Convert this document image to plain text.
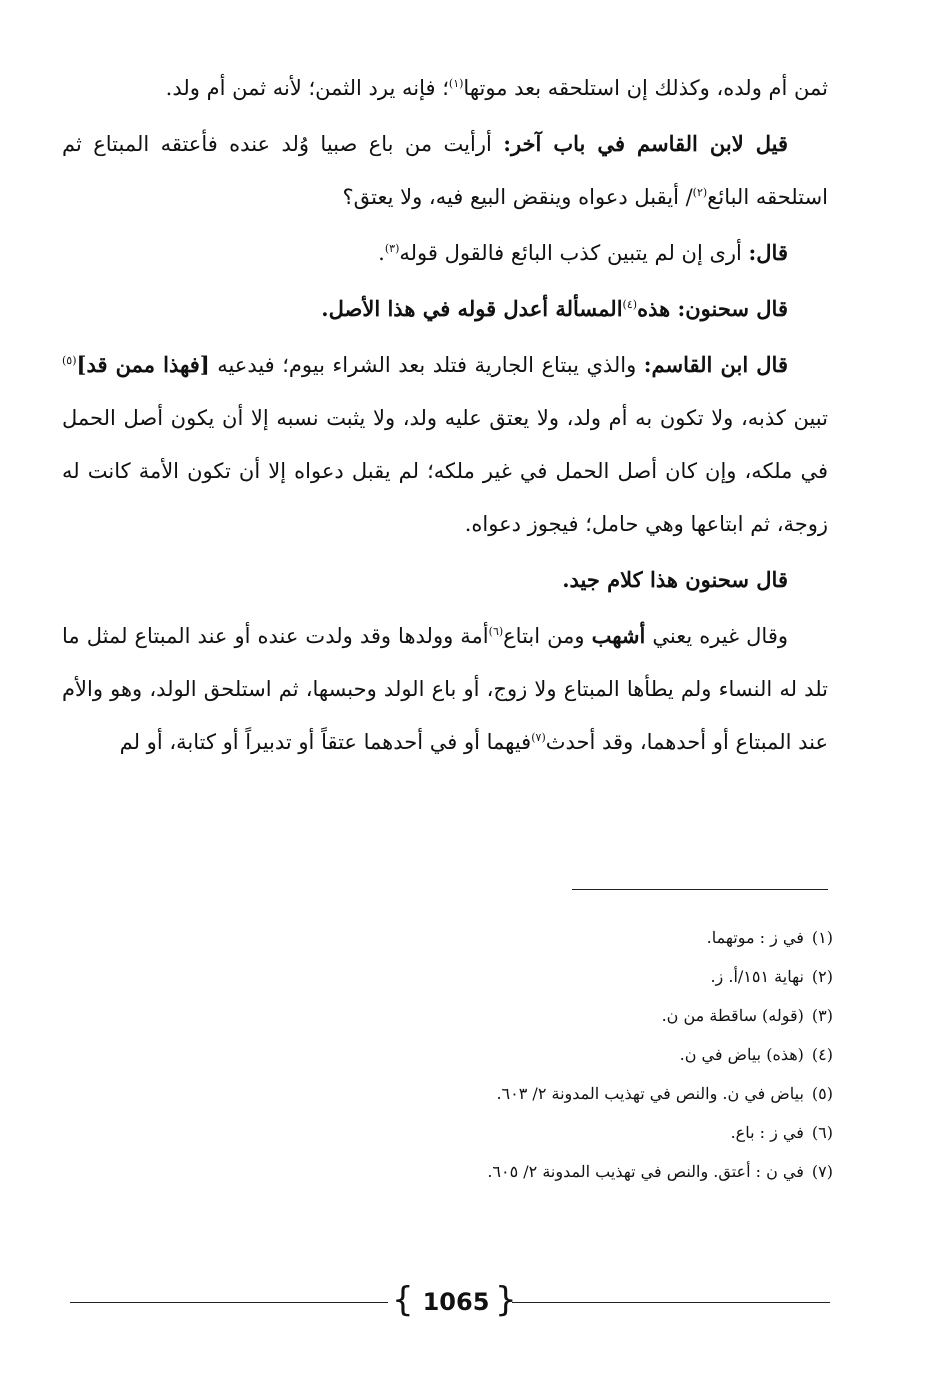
ثمن أم ولده، وكذلك إن استلحقه بعد موتها$^{(١)}$؛ فإنه يرد الثمن؛ لأنه ثمن أم ولد.

قيل لابن القاسم في باب آخر: أرأيت من باع صبيا وُلد عنده فأعتقه المبتاع ثم استلحقه البائع$^{(٢)}$/ أيقبل دعواه وينقض البيع فيه، ولا يعتق؟

قال: أرى إن لم يتبين كذب البائع فالقول قوله$^{(٣)}$.

قال سحنون: هذه$^{(٤)}$المسألة أعدل قوله في هذا الأصل.

قال ابن القاسم: والذي يبتاع الجارية فتلد بعد الشراء بيوم؛ فيدعيه [فهذا ممن قد]$^{(٥)}$ تبين كذبه، ولا تكون به أم ولد، ولا يعتق عليه ولد، ولا يثبت نسبه إلا أن يكون أصل الحمل في ملكه، وإن كان أصل الحمل في غير ملكه؛ لم يقبل دعواه إلا أن تكون الأمة كانت له زوجة، ثم ابتاعها وهي حامل؛ فيجوز دعواه.

قال سحنون هذا كلام جيد.

وقال غيره يعني أشهب ومن ابتاع$^{(٦)}$أمة وولدها وقد ولدت عنده أو عند المبتاع لمثل ما تلد له النساء ولم يطأها المبتاع ولا زوج، أو باع الولد وحبسها، ثم استلحق الولد، وهو والأم عند المبتاع أو أحدهما، وقد أحدث$^{(٧)}$فيهما أو في أحدهما عتقاً أو تدبيراً أو كتابة، أو لم

(١)في ز : موتهما.
(٢)نهاية ١٥١/أ. ز.
(٣)(قوله) ساقطة من ن.
(٤)(هذه) بياض في ن.
(٥)بياض في ن. والنص في تهذيب المدونة ٢/ ٦٠٣.
(٦)في ز : باع.
(٧)في ن : أعتق. والنص في تهذيب المدونة ٢/ ٦٠٥.
{ 1065 }
